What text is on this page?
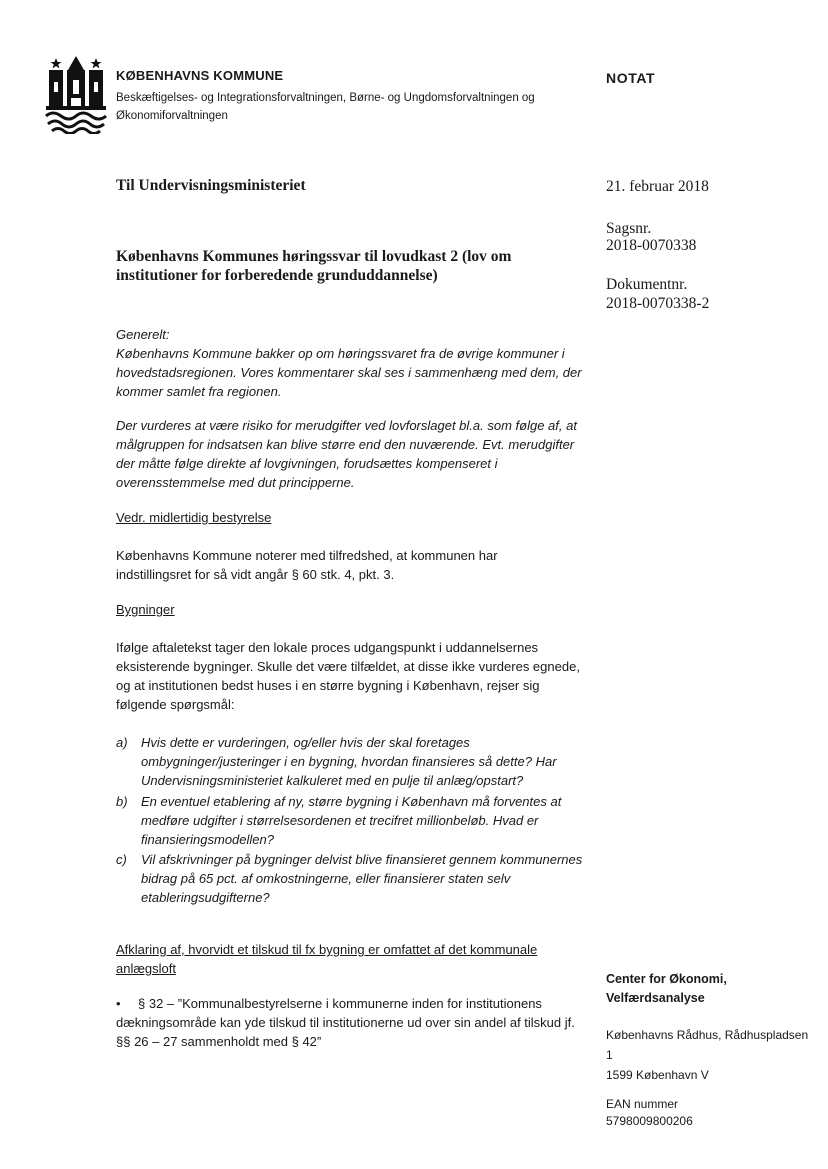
KØBENHAVNS KOMMUNE
Beskæftigelses- og Integrationsforvaltningen, Børne- og Ungdomsforvaltningen og Økonomiforvaltningen
NOTAT
21. februar 2018
Sagsnr.
2018-0070338
Dokumentnr.
2018-0070338-2
Til Undervisningsministeriet
Københavns Kommunes høringssvar til lovudkast 2 (lov om institutioner for forberedende grunduddannelse)
Generelt:
Københavns Kommune bakker op om høringssvaret fra de øvrige kommuner i hovedstadsregionen. Vores kommentarer skal ses i sammenhæng med dem, der kommer samlet fra regionen.
Der vurderes at være risiko for merudgifter ved lovforslaget bl.a. som følge af, at målgruppen for indsatsen kan blive større end den nuværende. Evt. merudgifter der måtte følge direkte af lovgivningen, forudsættes kompenseret i overensstemmelse med dut principperne.
Vedr. midlertidig bestyrelse
Københavns Kommune noterer med tilfredshed, at kommunen har indstillingsret for så vidt angår § 60 stk. 4, pkt. 3.
Bygninger
Ifølge aftaletekst tager den lokale proces udgangspunkt i uddannelsernes eksisterende bygninger. Skulle det være tilfældet, at disse ikke vurderes egnede, og at institutionen bedst huses i en større bygning i København, rejser sig følgende spørgsmål:
a)	Hvis dette er vurderingen, og/eller hvis der skal foretages ombygninger/justeringer i en bygning, hvordan finansieres så dette? Har Undervisningsministeriet kalkuleret med en pulje til anlæg/opstart?
b)	En eventuel etablering af ny, større bygning i København må forventes at medføre udgifter i størrelsesordenen et trecifret millionbeløb. Hvad er finansieringsmodellen?
c)	Vil afskrivninger på bygninger delvist blive finansieret gennem kommunernes bidrag på 65 pct. af omkostningerne, eller finansierer staten selv etableringsudgifterne?
Afklaring af, hvorvidt et tilskud til fx bygning er omfattet af det kommunale anlægsloft
•	§ 32 – ”Kommunalbestyrelserne i kommunerne inden for institutionens dækningsområde kan yde tilskud til institutionerne ud over sin andel af tilskud jf. §§ 26 – 27 sammenholdt med § 42”
Center for Økonomi, Velfærdsanalyse
Københavns Rådhus, Rådhuspladsen
1
1599 København V
EAN nummer
5798009800206
